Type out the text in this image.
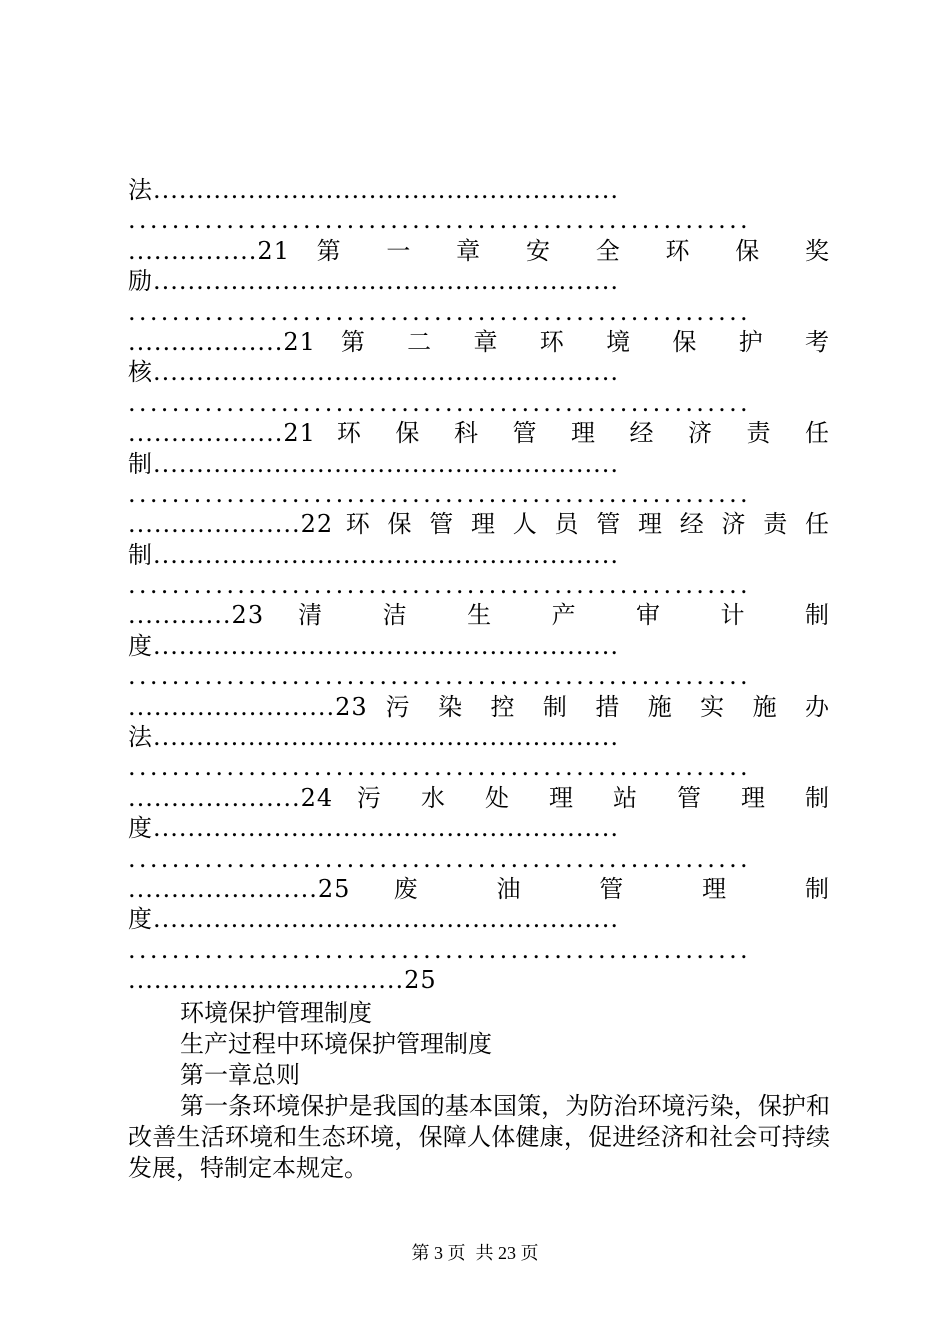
法......................................................
.........................................................
...............21 第 一 章 安 全 环 保 奖
励......................................................
.........................................................
..................21 第 二 章 环 境 保 护 考
核......................................................
.........................................................
..................21 环 保 科 管 理 经 济 责 任
制......................................................
.........................................................
....................22 环 保 管 理 人 员 管 理 经 济 责 任
制......................................................
.........................................................
............23 清 洁 生 产 审 计 制
度......................................................
.........................................................
........................23 污 染 控 制 措 施 实 施 办
法......................................................
.........................................................
....................24 污 水 处 理 站 管 理 制
度......................................................
.........................................................
......................25 废 油 管 理 制
度......................................................
.........................................................
................................25

环境保护管理制度

生产过程中环境保护管理制度

第一章总则

第一条环境保护是我国的基本国策，为防治环境污染，保护和改善生活环境和生态环境，保障人体健康，促进经济和社会可持续发展，特制定本规定。

第 3 页 共 23 页
